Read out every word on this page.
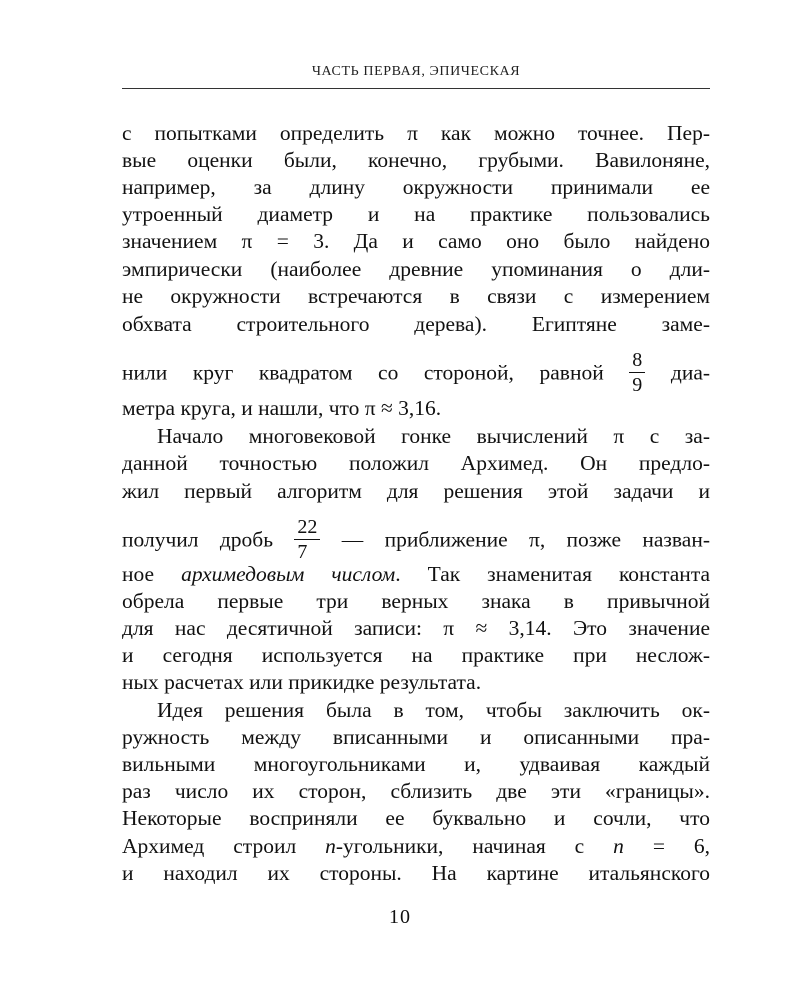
ЧАСТЬ ПЕРВАЯ, ЭПИЧЕСКАЯ
с попытками определить π как можно точнее. Пер-
вые оценки были, конечно, грубыми. Вавилоняне,
например, за длину окружности принимали ее
утроенный диаметр и на практике пользовались
значением π = 3. Да и само оно было найдено
эмпирически (наиболее древние упоминания о дли-
не окружности встречаются в связи с измерением
обхвата строительного дерева). Египтяне заме-
нили круг квадратом со стороной, равной $\frac{8}{9} диа-$
метра круга, и нашли, что π ≈ 3,16.
Начало многовековой гонке вычислений π с за-
данной точностью положил Архимед. Он предло-
жил первый алгоритм для решения этой задачи и
получил дробь $\frac{22}{7}$ — приближение π, позже назван-
ное архимедовым числом. Так знаменитая константа
обрела первые три верных знака в привычной
для нас десятичной записи: π ≈ 3,14. Это значение
и сегодня используется на практике при неслож-
ных расчетах или прикидке результата.
Идея решения была в том, чтобы заключить ок-
ружность между вписанными и описанными пра-
вильными многоугольниками и, удваивая каждый
раз число их сторон, сблизить две эти «границы».
Некоторые восприняли ее буквально и сочли, что
Архимед строил n-угольники, начиная с n = 6,
и находил их стороны. На картине итальянского
10
